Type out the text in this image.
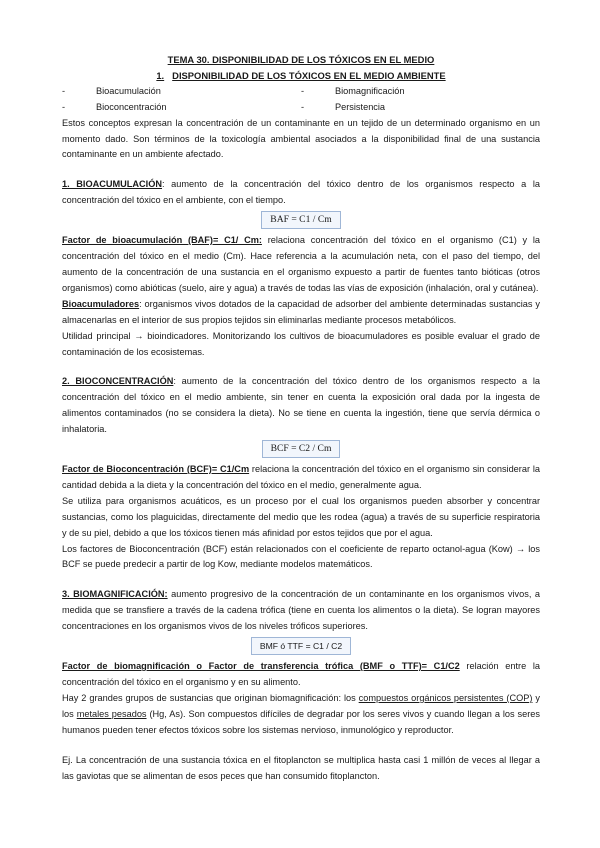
TEMA 30. DISPONIBILIDAD DE LOS TÓXICOS EN EL MEDIO

1. DISPONIBILIDAD DE LOS TÓXICOS EN EL MEDIO AMBIENTE

-	Bioacumulación	-	Biomagnificación
-	Bioconcentración	-	Persistencia

Estos conceptos expresan la concentración de un contaminante en un tejido de un determinado organismo en un momento dado. Son términos de la toxicología ambiental asociados a la disponibilidad final de una sustancia contaminante en un ambiente afectado.

1. BIOACUMULACIÓN: aumento de la concentración del tóxico dentro de los organismos respecto a la concentración del tóxico en el ambiente, con el tiempo.

BAF = C1 / Cm

Factor de bioacumulación (BAF)= C1/ Cm: relaciona concentración del tóxico en el organismo (C1) y la concentración del tóxico en el medio (Cm). Hace referencia a la acumulación neta, con el paso del tiempo, del aumento de la concentración de una sustancia en el organismo expuesto a partir de fuentes tanto bióticas (otros organismos) como abióticas (suelo, aire y agua) a través de todas las vías de exposición (inhalación, oral y cutánea).

Bioacumuladores: organismos vivos dotados de la capacidad de adsorber del ambiente determinadas sustancias y almacenarlas en el interior de sus propios tejidos sin eliminarlas mediante procesos metabólicos.

Utilidad principal → bioindicadores. Monitorizando los cultivos de bioacumuladores es posible evaluar el grado de contaminación de los ecosistemas.

2. BIOCONCENTRACIÓN: aumento de la concentración del tóxico dentro de los organismos respecto a la concentración del tóxico en el medio ambiente, sin tener en cuenta la exposición oral dada por la ingesta de alimentos contaminados (no se considera la dieta). No se tiene en cuenta la ingestión, tiene que servía dérmica o inhalatoria.

BCF = C2 / Cm

Factor de Bioconcentración (BCF)= C1/Cm relaciona la concentración del tóxico en el organismo sin considerar la cantidad debida a la dieta y la concentración del tóxico en el medio, generalmente agua.

Se utiliza para organismos acuáticos, es un proceso por el cual los organismos pueden absorber y concentrar sustancias, como los plaguicidas, directamente del medio que les rodea (agua) a través de su superficie respiratoria y de su piel, debido a que los tóxicos tienen más afinidad por estos tejidos que por el agua.

Los factores de Bioconcentración (BCF) están relacionados con el coeficiente de reparto octanol-agua (Kow) → los BCF se puede predecir a partir de log Kow, mediante modelos matemáticos.

3. BIOMAGNIFICACIÓN: aumento progresivo de la concentración de un contaminante en los organismos vivos, a medida que se transfiere a través de la cadena trófica (tiene en cuenta los alimentos o la dieta). Se logran mayores concentraciones en los organismos vivos de los niveles tróficos superiores.

BMF ó TTF = C1 / C2

Factor de biomagnificación o Factor de transferencia trófica (BMF o TTF)= C1/C2 relación entre la concentración del tóxico en el organismo y en su alimento.

Hay 2 grandes grupos de sustancias que originan biomagnificación: los compuestos orgánicos persistentes (COP) y los metales pesados (Hg, As). Son compuestos difíciles de degradar por los seres vivos y cuando llegan a los seres humanos pueden tener efectos tóxicos sobre los sistemas nervioso, inmunológico y reproductor.

Ej. La concentración de una sustancia tóxica en el fitoplancton se multiplica hasta casi 1 millón de veces al llegar a las gaviotas que se alimentan de esos peces que han consumido fitoplancton.
